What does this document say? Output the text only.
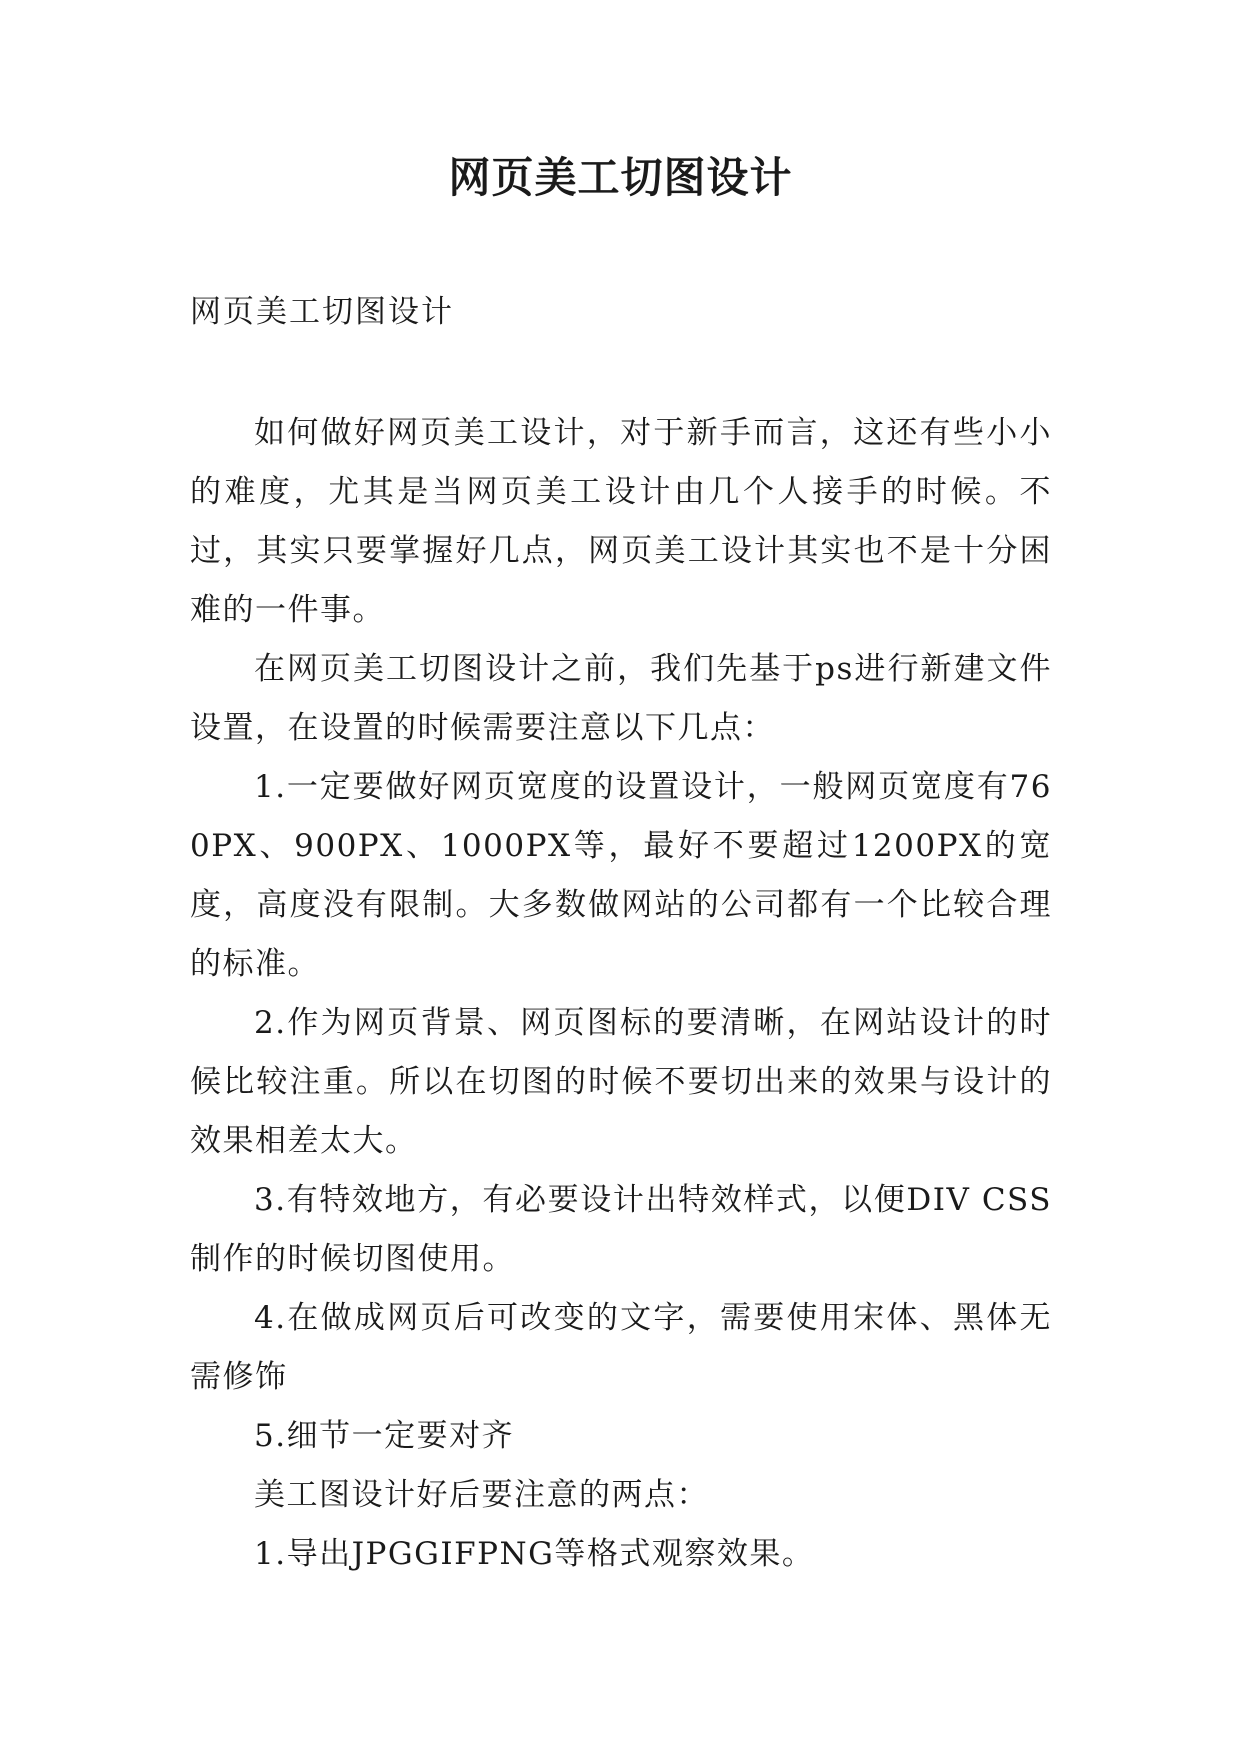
网页美工切图设计

网页美工切图设计

如何做好网页美工设计，对于新手而言，这还有些小小的难度，尤其是当网页美工设计由几个人接手的时候。不过，其实只要掌握好几点，网页美工设计其实也不是十分困难的一件事。

在网页美工切图设计之前，我们先基于ps进行新建文件设置，在设置的时候需要注意以下几点：

1.一定要做好网页宽度的设置设计，一般网页宽度有760PX、900PX、1000PX等，最好不要超过1200PX的宽度，高度没有限制。大多数做网站的公司都有一个比较合理的标准。

2.作为网页背景、网页图标的要清晰，在网站设计的时候比较注重。所以在切图的时候不要切出来的效果与设计的效果相差太大。

3.有特效地方，有必要设计出特效样式，以便DIV CSS制作的时候切图使用。

4.在做成网页后可改变的文字，需要使用宋体、黑体无需修饰

5.细节一定要对齐

美工图设计好后要注意的两点：

1.导出JPGGIFPNG等格式观察效果。
